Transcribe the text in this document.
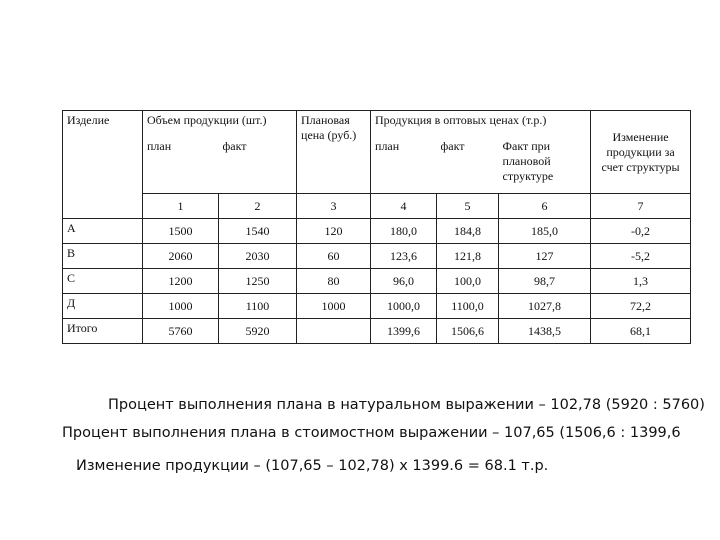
Изделие	Объем продукции (шт.)		Плановая цена (руб.)	Продукция в оптовых ценах (т.р.)			Изменение продукции за счет структуры
	план	факт		план	факт	Факт при плановой структуре	
	1	2	3	4	5	6	7
А	1500	1540	120	180,0	184,8	185,0	-0,2
В	2060	2030	60	123,6	121,8	127	-5,2
С	1200	1250	80	96,0	100,0	98,7	1,3
Д	1000	1100	1000	1000,0	1100,0	1027,8	72,2
Итого	5760	5920		1399,6	1506,6	1438,5	68,1
Процент выполнения плана в натуральном выражении – 102,78 (5920 : 5760)
Процент выполнения плана в стоимостном выражении – 107,65 (1506,6 : 1399,6
Изменение продукции – (107,65 – 102,78) х 1399.6 = 68.1 т.р.
